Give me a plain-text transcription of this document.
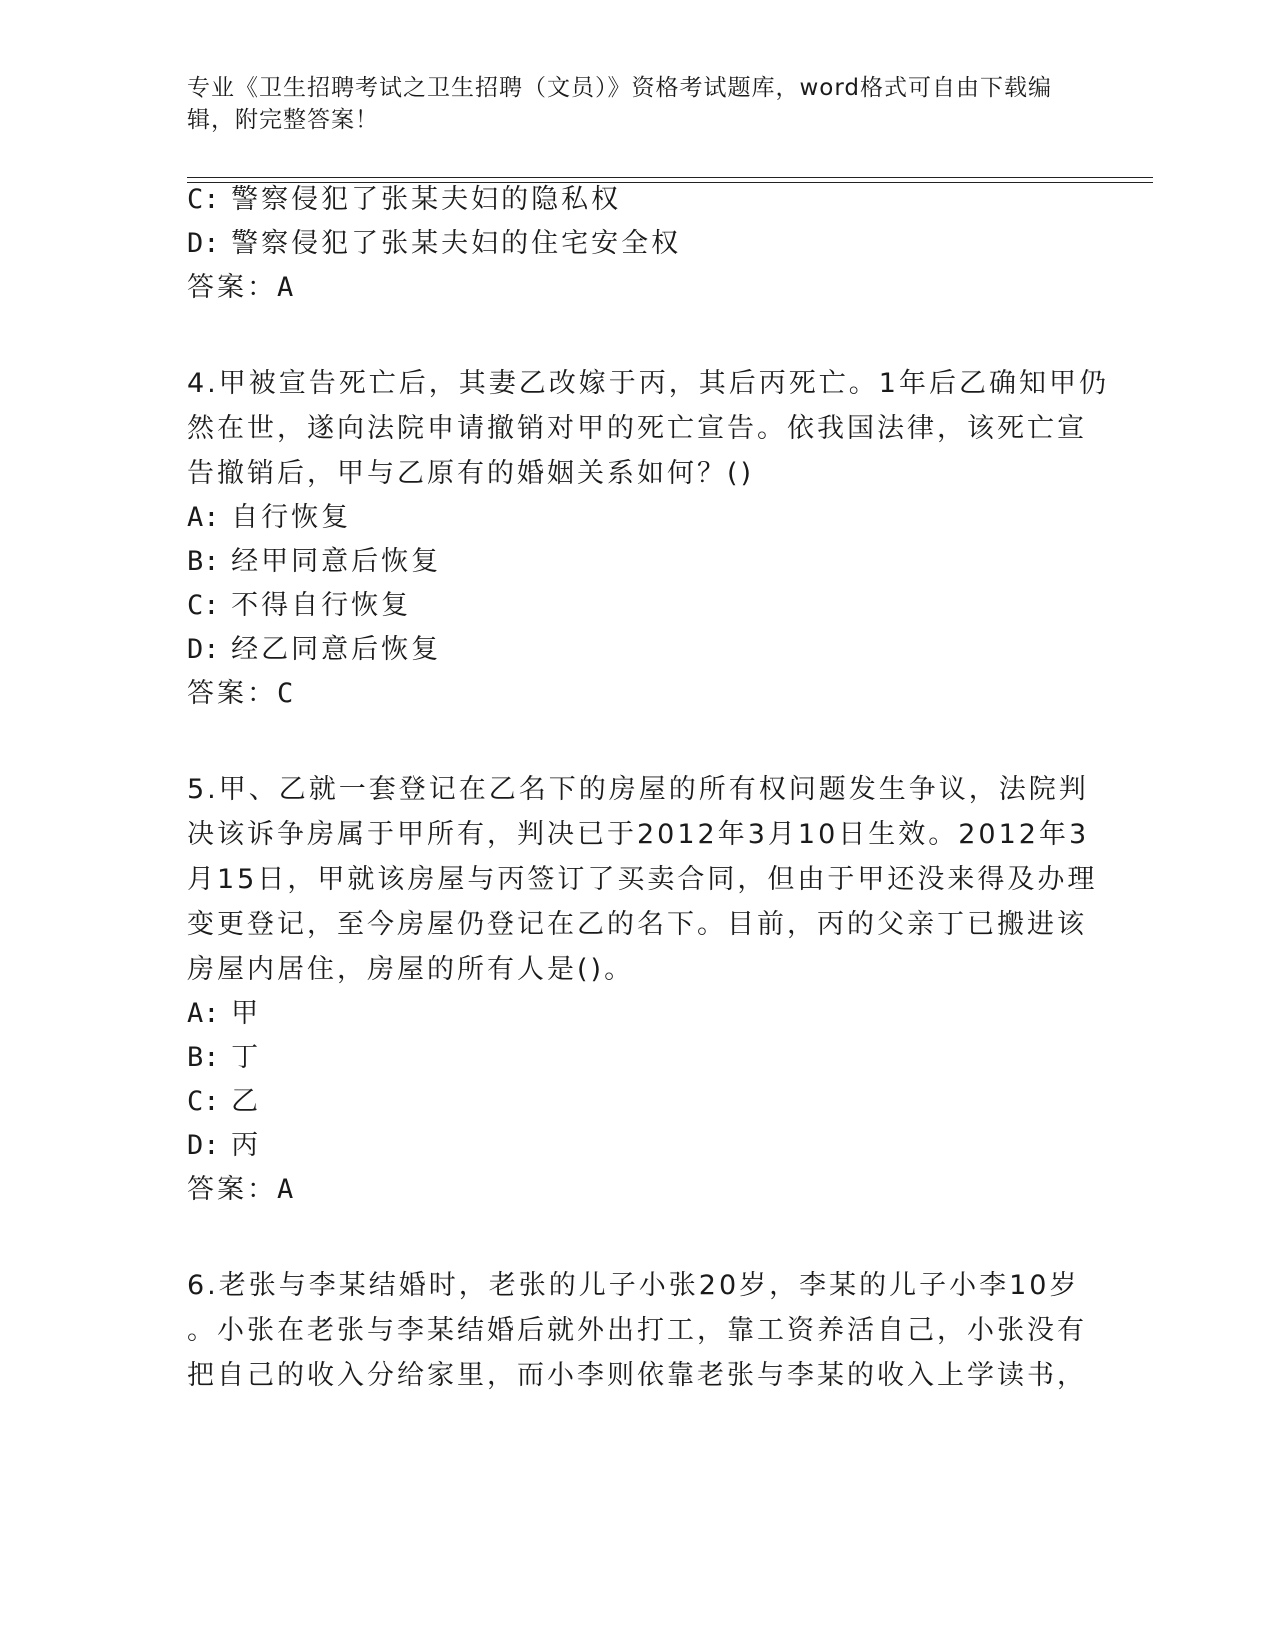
专业《卫生招聘考试之卫生招聘（文员）》资格考试题库，word格式可自由下载编辑，附完整答案！
C: 警察侵犯了张某夫妇的隐私权
D: 警察侵犯了张某夫妇的住宅安全权
答案：A
4.甲被宣告死亡后，其妻乙改嫁于丙，其后丙死亡。1年后乙确知甲仍
然在世，遂向法院申请撤销对甲的死亡宣告。依我国法律，该死亡宣
告撤销后，甲与乙原有的婚姻关系如何？()
A: 自行恢复
B: 经甲同意后恢复
C: 不得自行恢复
D: 经乙同意后恢复
答案：C
5.甲、乙就一套登记在乙名下的房屋的所有权问题发生争议，法院判
决该诉争房属于甲所有，判决已于2012年3月10日生效。2012年3
月15日，甲就该房屋与丙签订了买卖合同，但由于甲还没来得及办理
变更登记，至今房屋仍登记在乙的名下。目前，丙的父亲丁已搬进该
房屋内居住，房屋的所有人是()。
A: 甲
B: 丁
C: 乙
D: 丙
答案：A
6.老张与李某结婚时，老张的儿子小张20岁，李某的儿子小李10岁
。小张在老张与李某结婚后就外出打工，靠工资养活自己，小张没有
把自己的收入分给家里，而小李则依靠老张与李某的收入上学读书，
